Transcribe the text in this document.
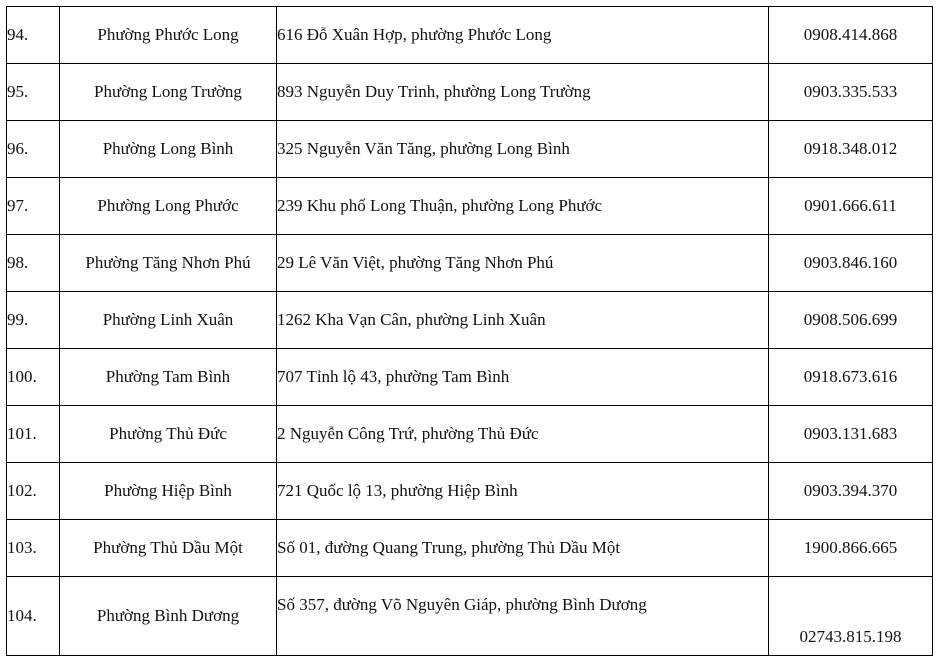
94.	Phường Phước Long	616 Đỗ Xuân Hợp, phường Phước Long	0908.414.868
95.	Phường Long Trường	893 Nguyễn Duy Trinh, phường Long Trường	0903.335.533
96.	Phường Long Bình	325 Nguyễn Văn Tăng, phường Long Bình	0918.348.012
97.	Phường Long Phước	239 Khu phố Long Thuận, phường Long Phước	0901.666.611
98.	Phường Tăng Nhơn Phú	29 Lê Văn Việt, phường Tăng Nhơn Phú	0903.846.160
99.	Phường Linh Xuân	1262 Kha Vạn Cân, phường Linh Xuân	0908.506.699
100.	Phường Tam Bình	707 Tỉnh lộ 43, phường Tam Bình	0918.673.616
101.	Phường Thủ Đức	2 Nguyễn Công Trứ, phường Thủ Đức	0903.131.683
102.	Phường Hiệp Bình	721 Quốc lộ 13, phường Hiệp Bình	0903.394.370
103.	Phường Thủ Dầu Một	Số 01, đường Quang Trung, phường Thủ Dầu Một	1900.866.665
104.	Phường Bình Dương	Số 357, đường Võ Nguyên Giáp, phường Bình Dương	02743.815.198
